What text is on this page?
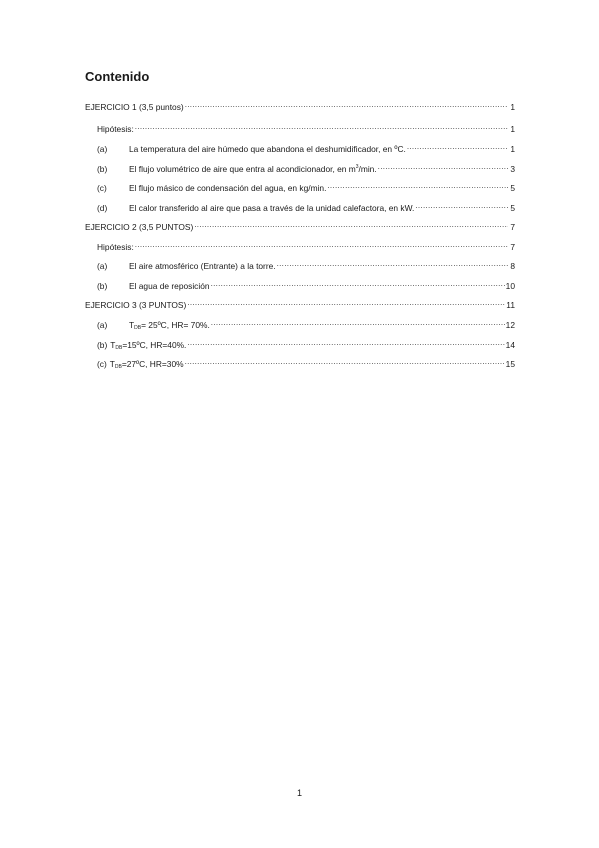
Contenido
EJERCICIO 1 (3,5 puntos) .....	1
Hipótesis: .....	1
(a)	La temperatura del aire húmedo que abandona el deshumidificador, en ºC. .....	1
(b)	El flujo volumétrico de aire que entra al acondicionador, en $m^3/\min$. .....	3
(c)	El flujo másico de condensación del agua, en kg/min. .....	5
(d)	El calor transferido al aire que pasa a través de la unidad calefactora, en kW. .....	5
EJERCICIO 2 (3,5 PUNTOS) .....	7
Hipótesis: .....	7
(a)	El aire atmosférico (Entrante) a la torre. .....	8
(b)	El agua de reposición .....	10
EJERCICIO 3 (3 PUNTOS) .....	11
(a)	$T_{DB}=$ 25ºC, HR= 70%. .....	12
(b) $T_{DB}=15ºC$, HR=40%. .....	14
(c) $T_{DB}=27ºC$, HR=30% .....	15
1
